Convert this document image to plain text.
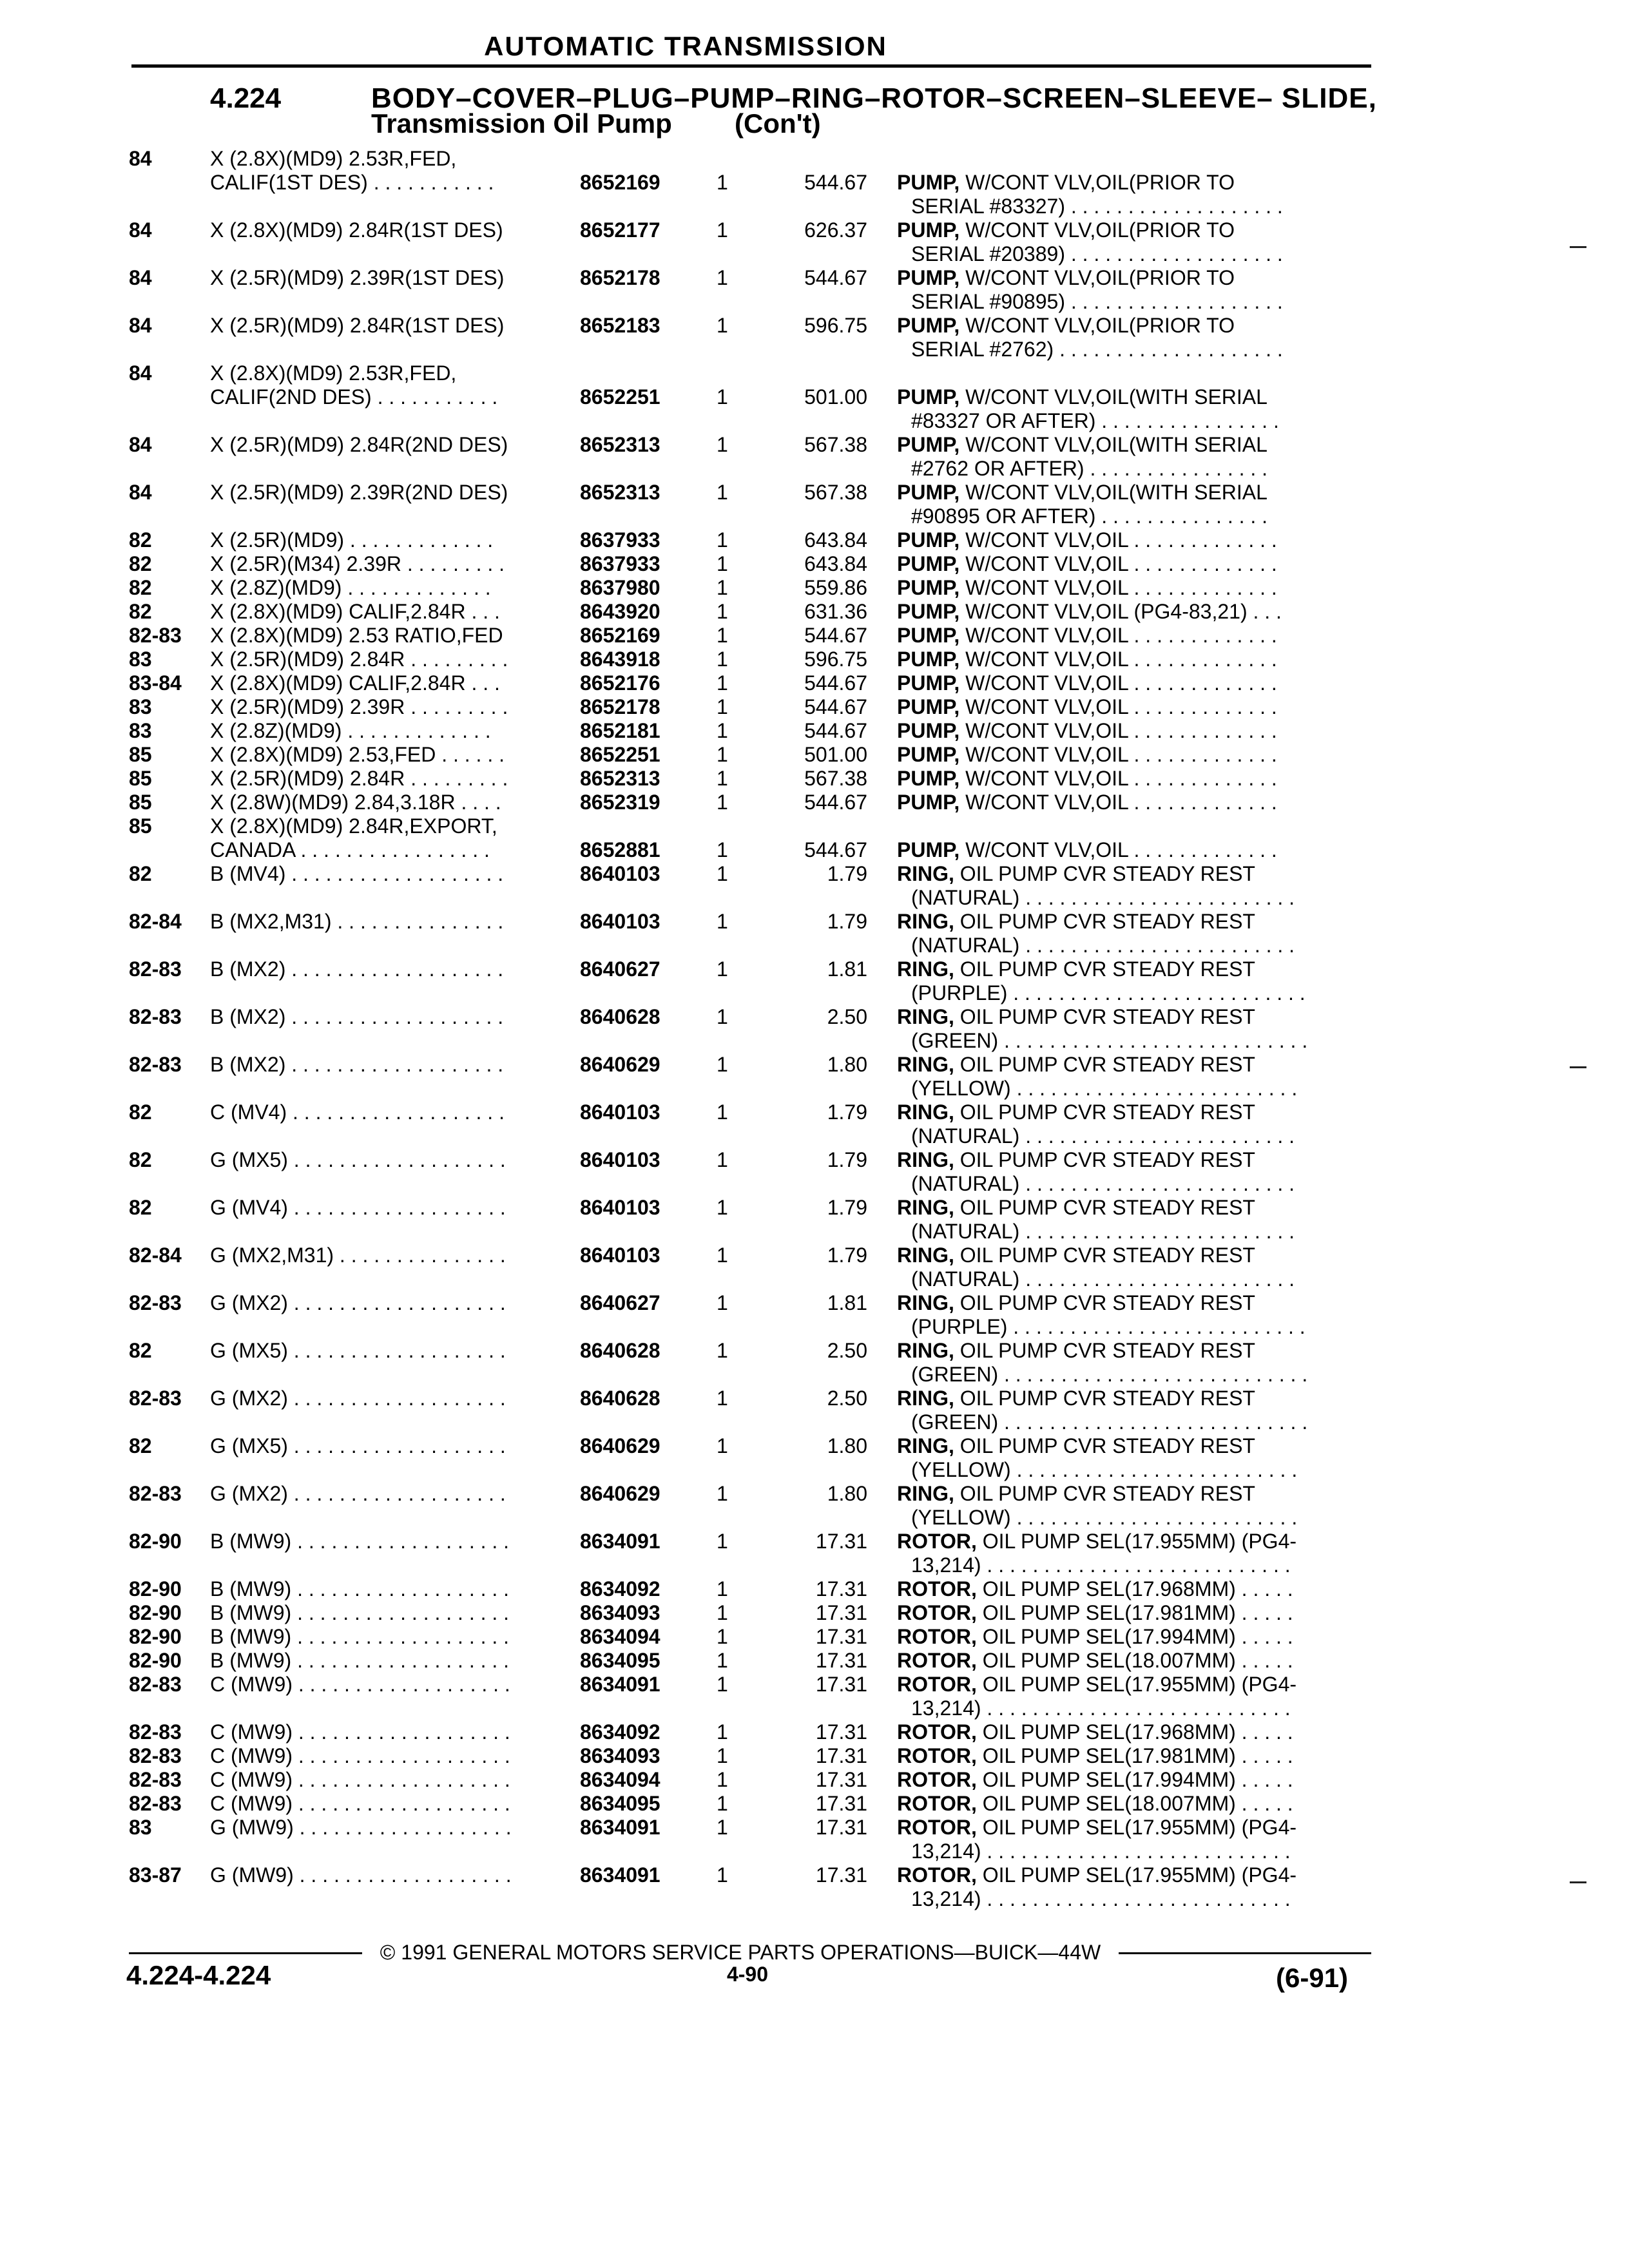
AUTOMATIC TRANSMISSION
4.224	BODY–COVER–PLUG–PUMP–RING–ROTOR–SCREEN–SLEEVE– SLIDE,
Transmission Oil Pump (Con't)
84	X (2.8X)(MD9) 2.53R,FED,
CALIF(1ST DES) . . . . . . . . . . .	8652169	1	544.67 PUMP, W/CONT VLV,OIL(PRIOR TO
SERIAL #83327) . . . . . . . . . . . . . . . . . . .
84	X (2.8X)(MD9) 2.84R(1ST DES)	8652177	1	626.37 PUMP, W/CONT VLV,OIL(PRIOR TO
SERIAL #20389) . . . . . . . . . . . . . . . . . . .
84	X (2.5R)(MD9) 2.39R(1ST DES)	8652178	1	544.67 PUMP, W/CONT VLV,OIL(PRIOR TO
SERIAL #90895) . . . . . . . . . . . . . . . . . . .
84	X (2.5R)(MD9) 2.84R(1ST DES)	8652183	1	596.75 PUMP, W/CONT VLV,OIL(PRIOR TO
SERIAL #2762) . . . . . . . . . . . . . . . . . . . .
84	X (2.8X)(MD9) 2.53R,FED,
CALIF(2ND DES) . . . . . . . . . . .	8652251	1	501.00 PUMP, W/CONT VLV,OIL(WITH SERIAL
#83327 OR AFTER) . . . . . . . . . . . . . . . .
84	X (2.5R)(MD9) 2.84R(2ND DES)	8652313	1	567.38 PUMP, W/CONT VLV,OIL(WITH SERIAL
#2762 OR AFTER) . . . . . . . . . . . . . . . .
84	X (2.5R)(MD9) 2.39R(2ND DES)	8652313	1	567.38 PUMP, W/CONT VLV,OIL(WITH SERIAL
#90895 OR AFTER) . . . . . . . . . . . . . . .
82	X (2.5R)(MD9) . . . . . . . . . . . . .	8637933	1	643.84 PUMP, W/CONT VLV,OIL . . . . . . . . . . . . .
82	X (2.5R)(M34) 2.39R . . . . . . . . .	8637933	1	643.84 PUMP, W/CONT VLV,OIL . . . . . . . . . . . . .
82	X (2.8Z)(MD9) . . . . . . . . . . . . .	8637980	1	559.86 PUMP, W/CONT VLV,OIL . . . . . . . . . . . . .
82	X (2.8X)(MD9) CALIF,2.84R . . .	8643920	1	631.36 PUMP, W/CONT VLV,OIL (PG4-83,21) . . .
82-83	X (2.8X)(MD9) 2.53 RATIO,FED	8652169	1	544.67 PUMP, W/CONT VLV,OIL . . . . . . . . . . . . .
83	X (2.5R)(MD9) 2.84R . . . . . . . . .	8643918	1	596.75 PUMP, W/CONT VLV,OIL . . . . . . . . . . . . .
83-84	X (2.8X)(MD9) CALIF,2.84R . . .	8652176	1	544.67 PUMP, W/CONT VLV,OIL . . . . . . . . . . . . .
83	X (2.5R)(MD9) 2.39R . . . . . . . . .	8652178	1	544.67 PUMP, W/CONT VLV,OIL . . . . . . . . . . . . .
83	X (2.8Z)(MD9) . . . . . . . . . . . . .	8652181	1	544.67 PUMP, W/CONT VLV,OIL . . . . . . . . . . . . .
85	X (2.8X)(MD9) 2.53,FED . . . . . .	8652251	1	501.00 PUMP, W/CONT VLV,OIL . . . . . . . . . . . . .
85	X (2.5R)(MD9) 2.84R . . . . . . . . .	8652313	1	567.38 PUMP, W/CONT VLV,OIL . . . . . . . . . . . . .
85	X (2.8W)(MD9) 2.84,3.18R . . . .	8652319	1	544.67 PUMP, W/CONT VLV,OIL . . . . . . . . . . . . .
85	X (2.8X)(MD9) 2.84R,EXPORT,
CANADA . . . . . . . . . . . . . . . . .	8652881	1	544.67 PUMP, W/CONT VLV,OIL . . . . . . . . . . . . .
82	B (MV4) . . . . . . . . . . . . . . . . . . .	8640103	1	1.79 RING, OIL PUMP CVR STEADY REST
(NATURAL) . . . . . . . . . . . . . . . . . . . . . . . .
82-84	B (MX2,M31) . . . . . . . . . . . . . . .	8640103	1	1.79 RING, OIL PUMP CVR STEADY REST
(NATURAL) . . . . . . . . . . . . . . . . . . . . . . . .
82-83	B (MX2) . . . . . . . . . . . . . . . . . . .	8640627	1	1.81 RING, OIL PUMP CVR STEADY REST
(PURPLE) . . . . . . . . . . . . . . . . . . . . . . . . . .
82-83	B (MX2) . . . . . . . . . . . . . . . . . . .	8640628	1	2.50 RING, OIL PUMP CVR STEADY REST
(GREEN) . . . . . . . . . . . . . . . . . . . . . . . . . . .
82-83	B (MX2) . . . . . . . . . . . . . . . . . . .	8640629	1	1.80 RING, OIL PUMP CVR STEADY REST
(YELLOW) . . . . . . . . . . . . . . . . . . . . . . . . .
82	C (MV4) . . . . . . . . . . . . . . . . . . .	8640103	1	1.79 RING, OIL PUMP CVR STEADY REST
(NATURAL) . . . . . . . . . . . . . . . . . . . . . . . .
82	G (MX5) . . . . . . . . . . . . . . . . . . .	8640103	1	1.79 RING, OIL PUMP CVR STEADY REST
(NATURAL) . . . . . . . . . . . . . . . . . . . . . . . .
82	G (MV4) . . . . . . . . . . . . . . . . . . .	8640103	1	1.79 RING, OIL PUMP CVR STEADY REST
(NATURAL) . . . . . . . . . . . . . . . . . . . . . . . .
82-84	G (MX2,M31) . . . . . . . . . . . . . . .	8640103	1	1.79 RING, OIL PUMP CVR STEADY REST
(NATURAL) . . . . . . . . . . . . . . . . . . . . . . . .
82-83	G (MX2) . . . . . . . . . . . . . . . . . . .	8640627	1	1.81 RING, OIL PUMP CVR STEADY REST
(PURPLE) . . . . . . . . . . . . . . . . . . . . . . . . . .
82	G (MX5) . . . . . . . . . . . . . . . . . . .	8640628	1	2.50 RING, OIL PUMP CVR STEADY REST
(GREEN) . . . . . . . . . . . . . . . . . . . . . . . . . . .
82-83	G (MX2) . . . . . . . . . . . . . . . . . . .	8640628	1	2.50 RING, OIL PUMP CVR STEADY REST
(GREEN) . . . . . . . . . . . . . . . . . . . . . . . . . . .
82	G (MX5) . . . . . . . . . . . . . . . . . . .	8640629	1	1.80 RING, OIL PUMP CVR STEADY REST
(YELLOW) . . . . . . . . . . . . . . . . . . . . . . . . .
82-83	G (MX2) . . . . . . . . . . . . . . . . . . .	8640629	1	1.80 RING, OIL PUMP CVR STEADY REST
(YELLOW) . . . . . . . . . . . . . . . . . . . . . . . . .
82-90	B (MW9) . . . . . . . . . . . . . . . . . . .	8634091	1	17.31 ROTOR, OIL PUMP SEL(17.955MM) (PG4-
13,214) . . . . . . . . . . . . . . . . . . . . . . . . . . .
82-90	B (MW9) . . . . . . . . . . . . . . . . . . .	8634092	1	17.31 ROTOR, OIL PUMP SEL(17.968MM) . . . . .
82-90	B (MW9) . . . . . . . . . . . . . . . . . . .	8634093	1	17.31 ROTOR, OIL PUMP SEL(17.981MM) . . . . .
82-90	B (MW9) . . . . . . . . . . . . . . . . . . .	8634094	1	17.31 ROTOR, OIL PUMP SEL(17.994MM) . . . . .
82-90	B (MW9) . . . . . . . . . . . . . . . . . . .	8634095	1	17.31 ROTOR, OIL PUMP SEL(18.007MM) . . . . .
82-83	C (MW9) . . . . . . . . . . . . . . . . . . .	8634091	1	17.31 ROTOR, OIL PUMP SEL(17.955MM) (PG4-
13,214) . . . . . . . . . . . . . . . . . . . . . . . . . . .
82-83	C (MW9) . . . . . . . . . . . . . . . . . . .	8634092	1	17.31 ROTOR, OIL PUMP SEL(17.968MM) . . . . .
82-83	C (MW9) . . . . . . . . . . . . . . . . . . .	8634093	1	17.31 ROTOR, OIL PUMP SEL(17.981MM) . . . . .
82-83	C (MW9) . . . . . . . . . . . . . . . . . . .	8634094	1	17.31 ROTOR, OIL PUMP SEL(17.994MM) . . . . .
82-83	C (MW9) . . . . . . . . . . . . . . . . . . .	8634095	1	17.31 ROTOR, OIL PUMP SEL(18.007MM) . . . . .
83	G (MW9) . . . . . . . . . . . . . . . . . . .	8634091	1	17.31 ROTOR, OIL PUMP SEL(17.955MM) (PG4-
13,214) . . . . . . . . . . . . . . . . . . . . . . . . . . .
83-87	G (MW9) . . . . . . . . . . . . . . . . . . .	8634091	1	17.31 ROTOR, OIL PUMP SEL(17.955MM) (PG4-
13,214) . . . . . . . . . . . . . . . . . . . . . . . . . . .
© 1991 GENERAL MOTORS SERVICE PARTS OPERATIONS—BUICK—44W
4.224-4.224	4-90	(6-91)
